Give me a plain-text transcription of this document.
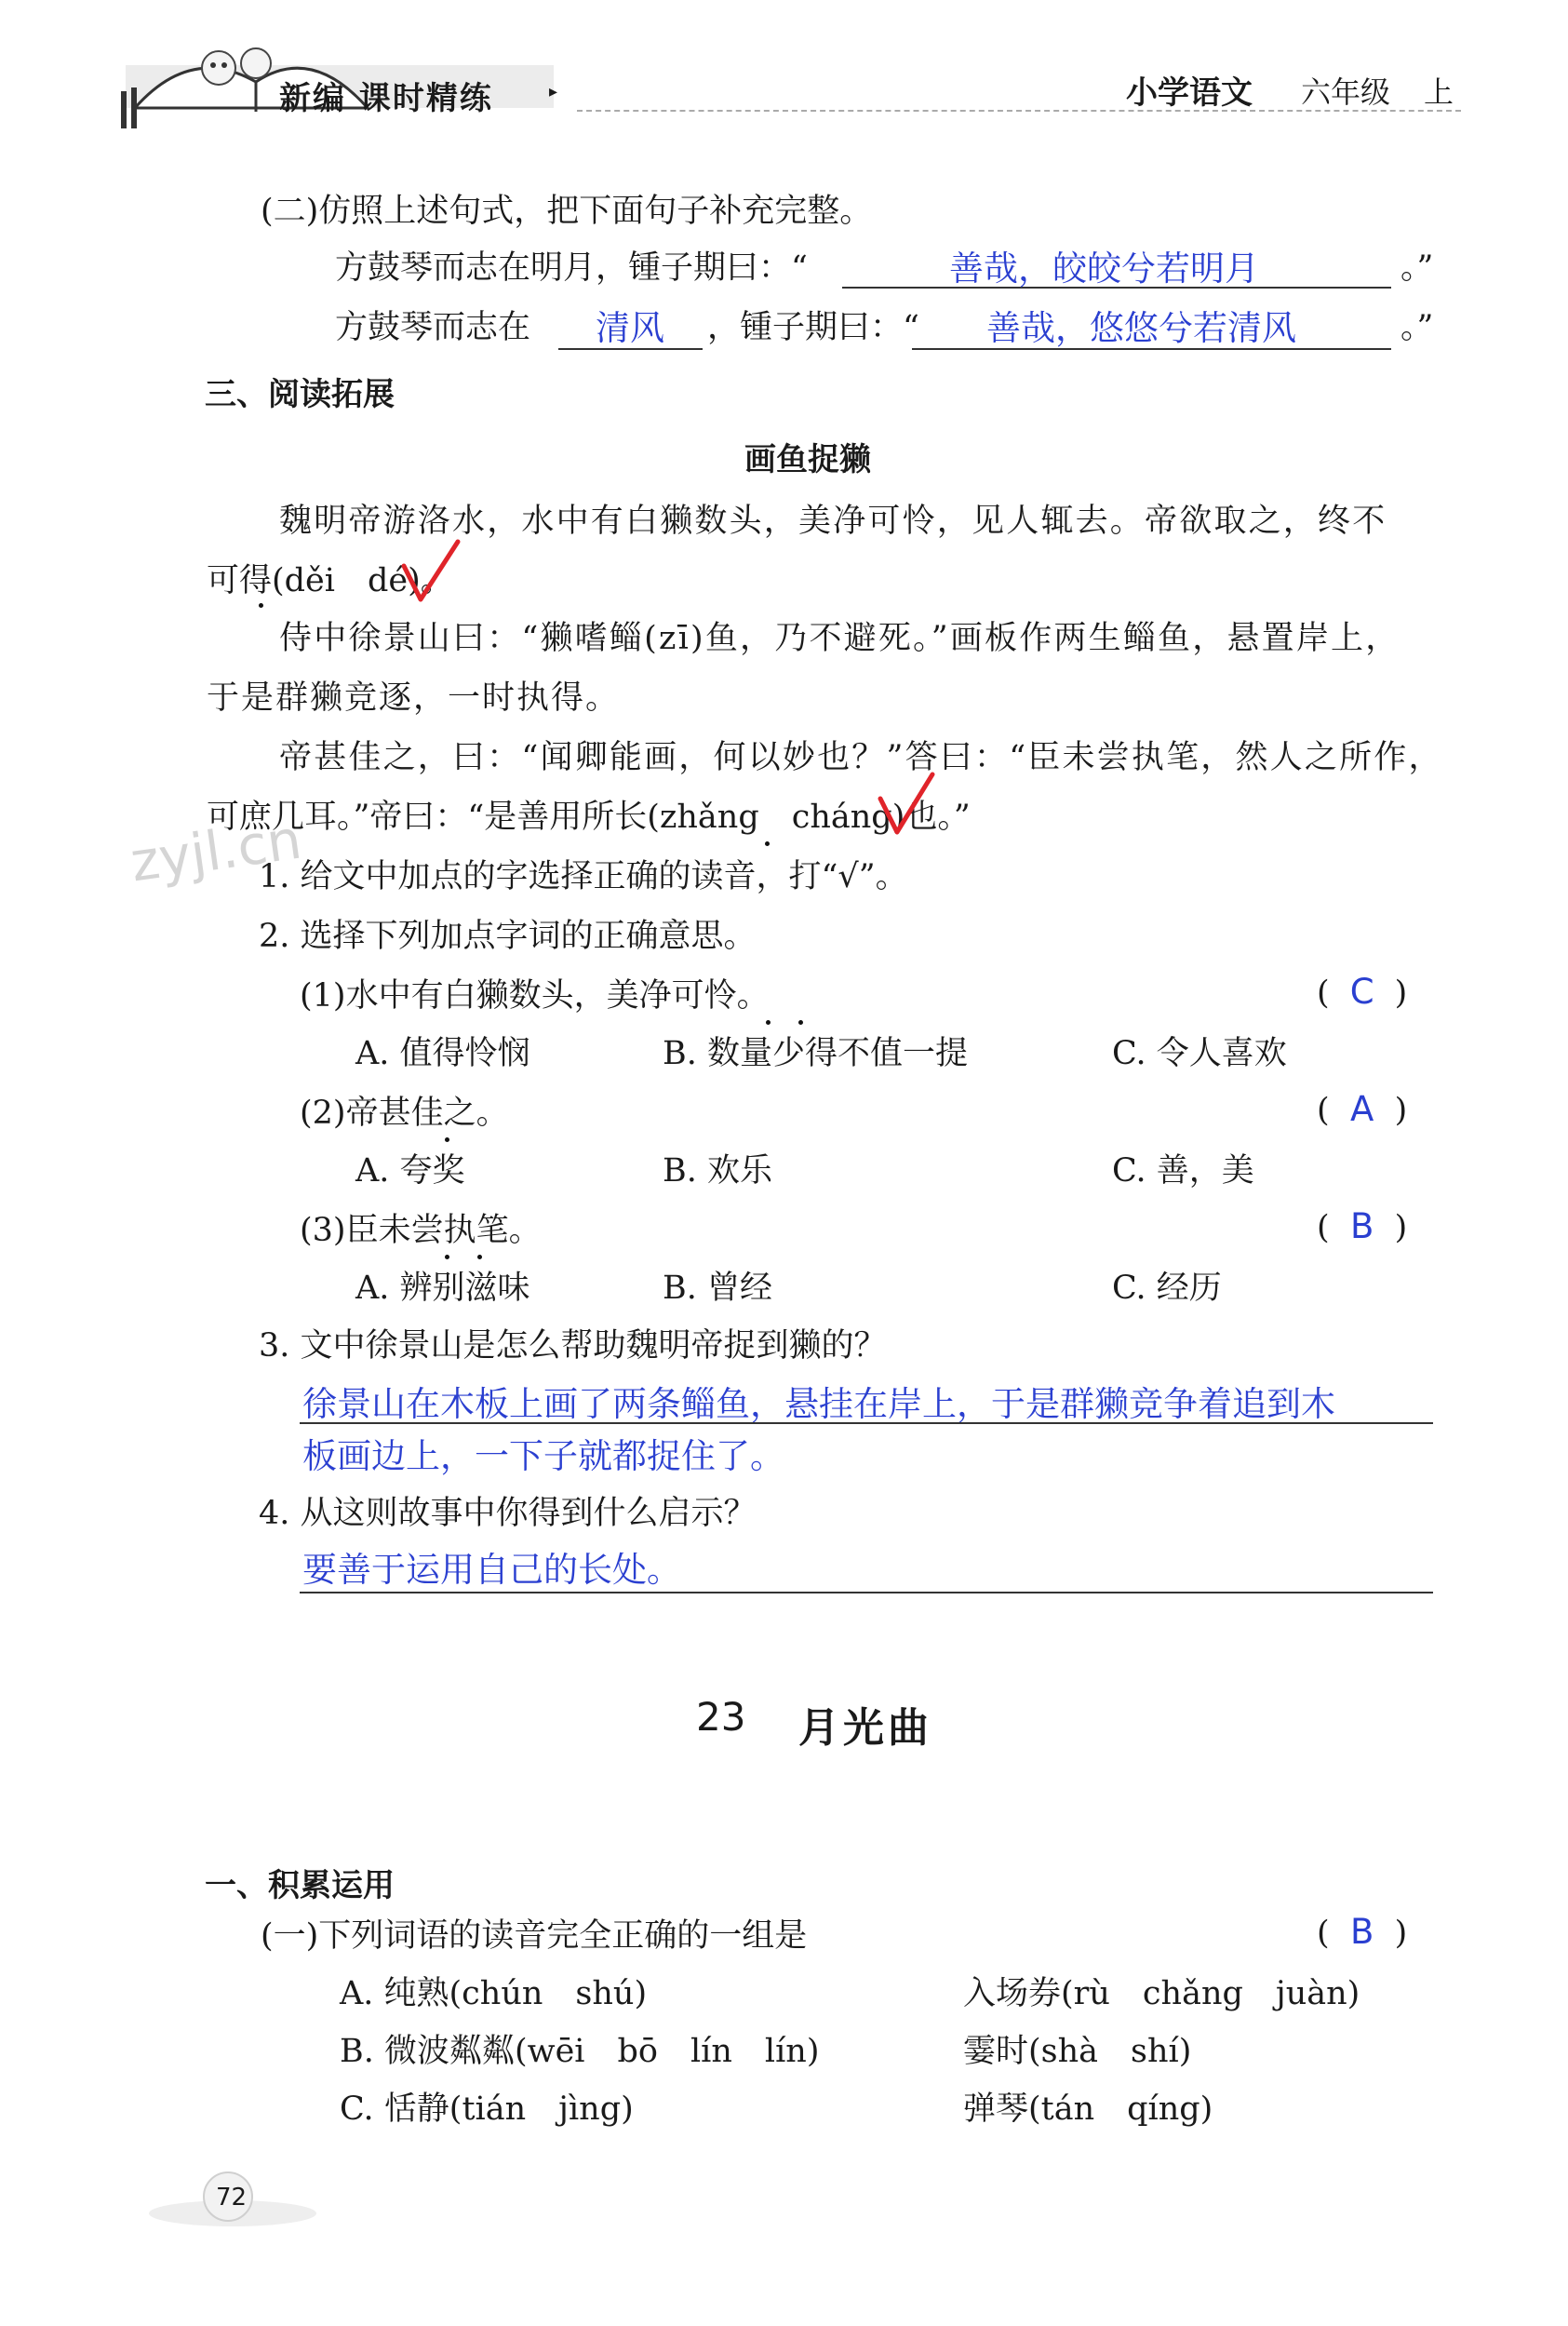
新编 课时精练	▸	小学语文 六年级 上
(二)仿照上述句式，把下面句子补充完整。
方鼓琴而志在明月，锺子期曰：“	善哉，皎皎兮若明月	。”
方鼓琴而志在 清风 ，锺子期曰：“ 善哉，悠悠兮若清风	。”
三、阅读拓展
画鱼捉獭
魏明帝游洛水，水中有白獭数头，美净可怜，见人辄去。帝欲取之，终不
可得(děi　dé)。
侍中徐景山曰：“獭嗜鲻(zī)鱼，乃不避死。”画板作两生鲻鱼，悬置岸上，
于是群獭竞逐，一时执得。
帝甚佳之，曰：“闻卿能画，何以妙也？”答曰：“臣未尝执笔，然人之所作，
可庶几耳。”帝曰：“是善用所长(zhǎng　cháng)也。”
zyjl.cn
1. 给文中加点的字选择正确的读音，打“√”。
2. 选择下列加点字词的正确意思。
(1)水中有白獭数头，美净可怜。	( C )
A. 值得怜悯	B. 数量少得不值一提	C. 令人喜欢
(2)帝甚佳之。	( A )
A. 夸奖	B. 欢乐	C. 善，美
(3)臣未尝执笔。	( B )
A. 辨别滋味	B. 曾经	C. 经历
3. 文中徐景山是怎么帮助魏明帝捉到獭的？
徐景山在木板上画了两条鲻鱼，悬挂在岸上，于是群獭竞争着追到木
板画边上，一下子就都捉住了。
4. 从这则故事中你得到什么启示？
要善于运用自己的长处。
23 月光曲
一、积累运用
(一)下列词语的读音完全正确的一组是	( B )
A. 纯熟(chún　shú)	入场券(rù　chǎng　juàn)
B. 微波粼粼(wēi　bō　lín　lín)	霎时(shà　shí)
C. 恬静(tián　jìng)	弹琴(tán　qíng)
72
